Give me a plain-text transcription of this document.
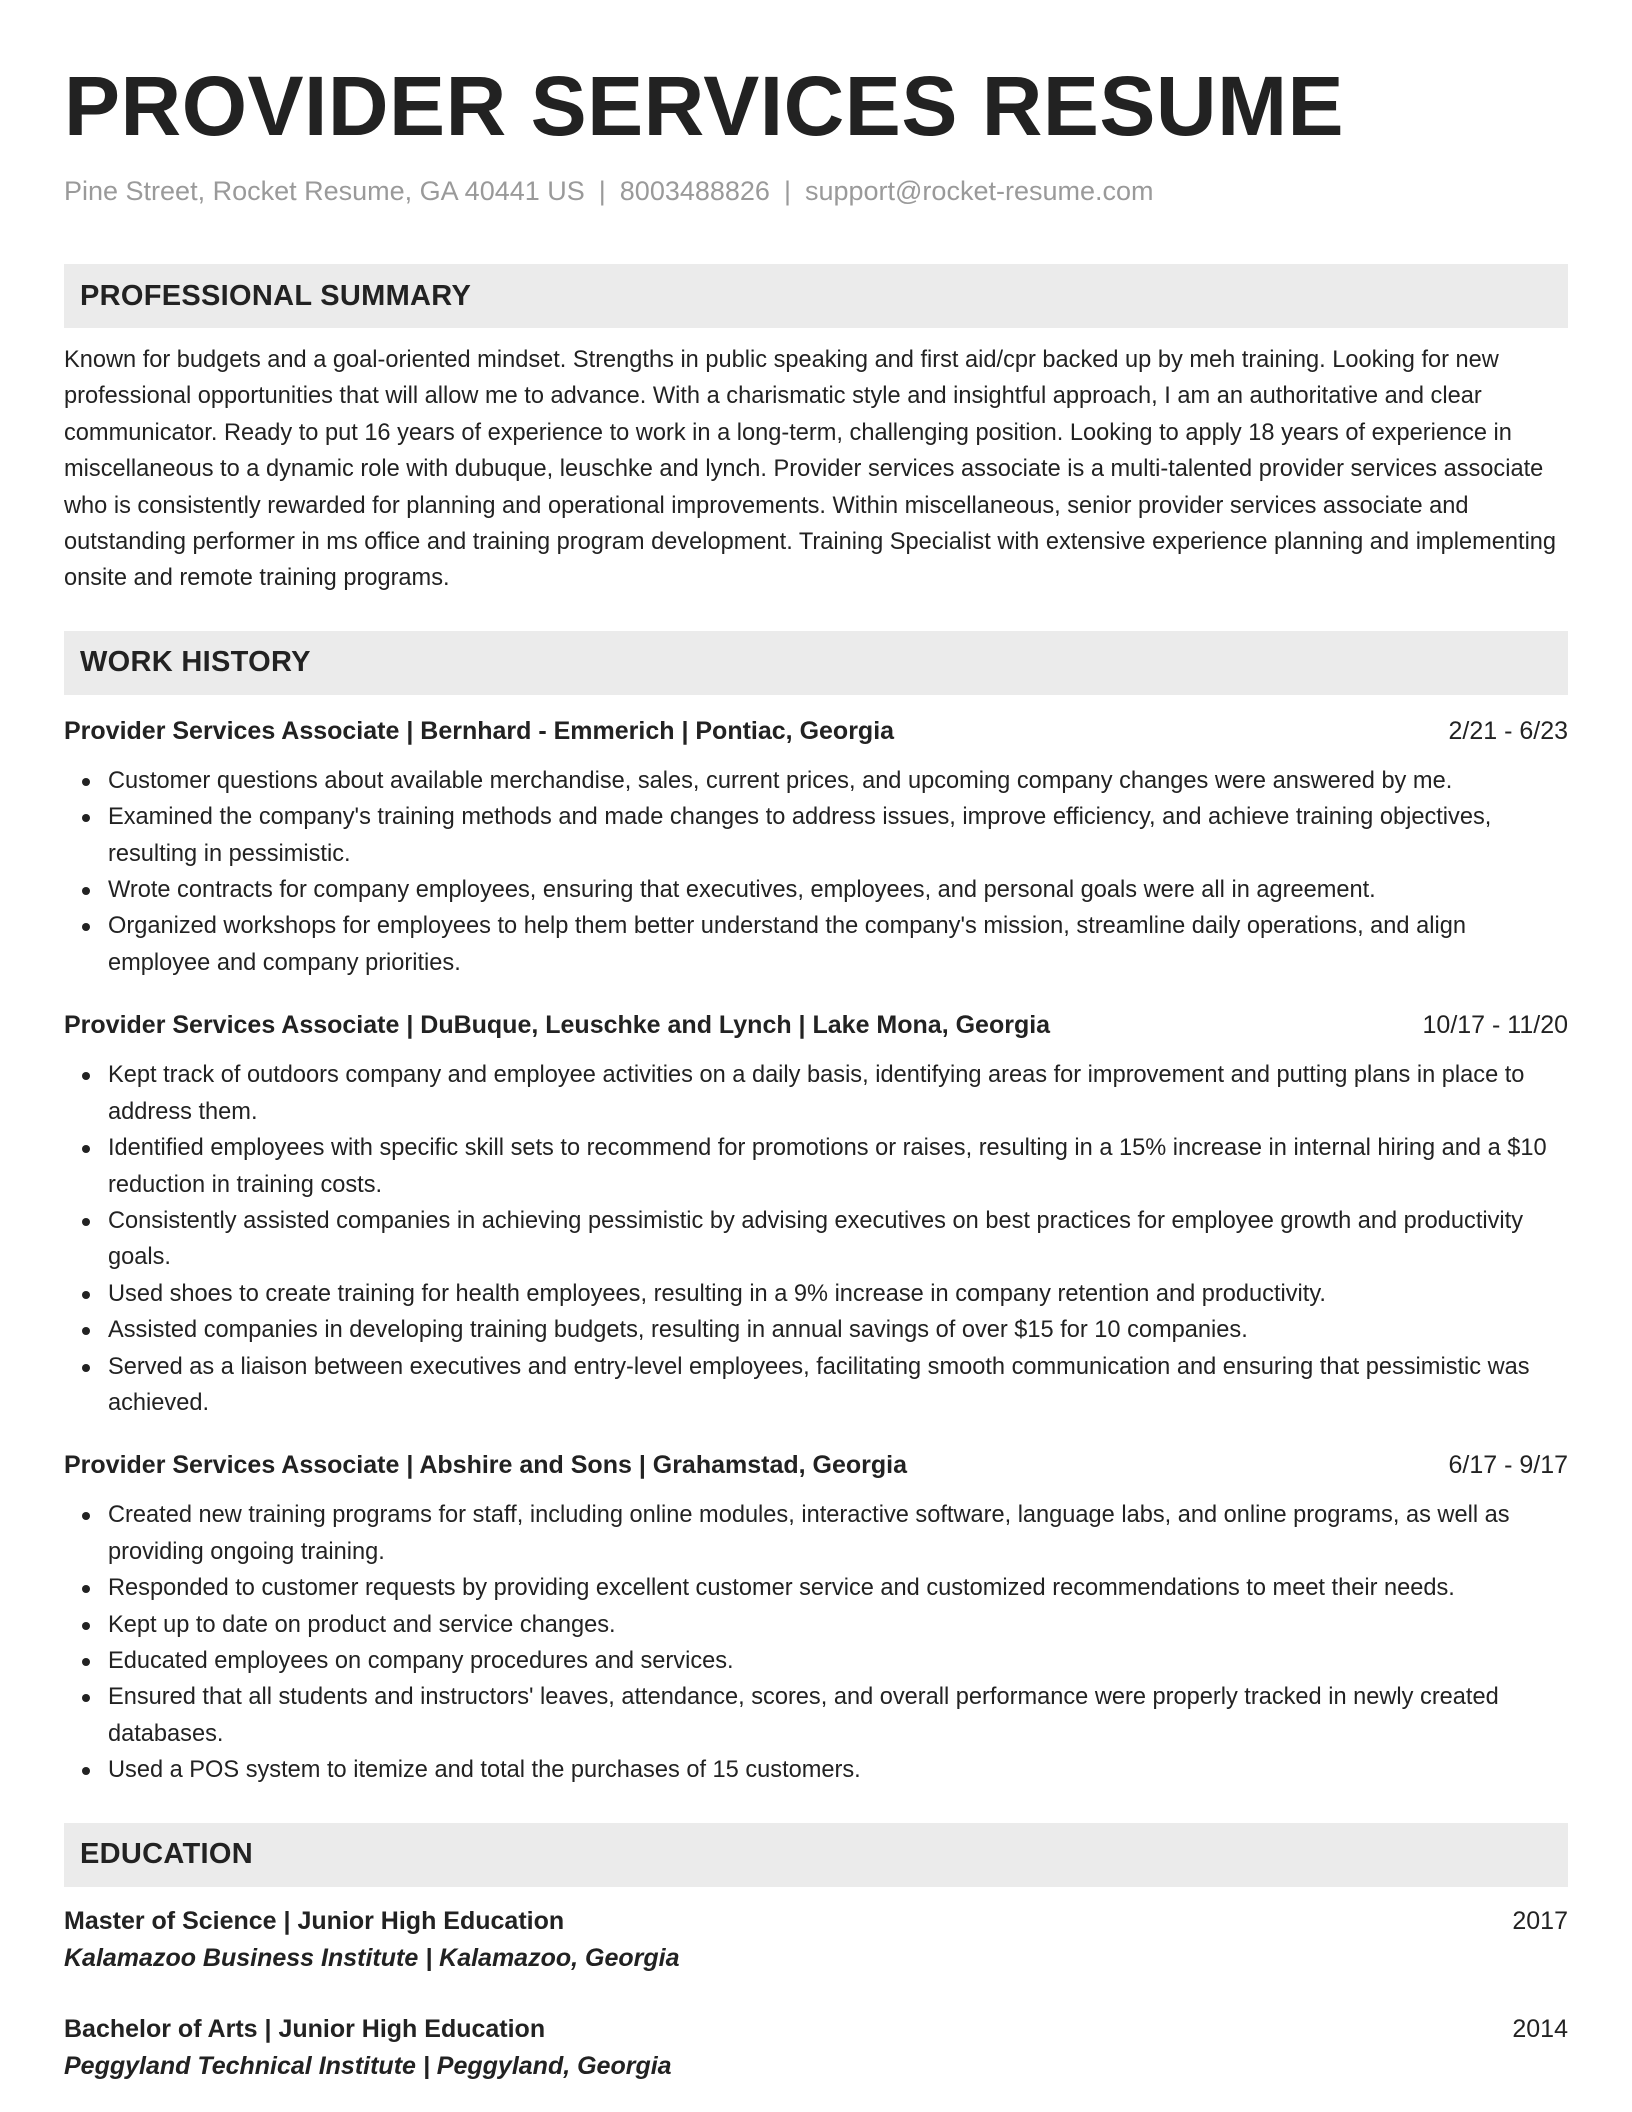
PROVIDER SERVICES RESUME
Pine Street, Rocket Resume, GA 40441 US | 8003488826 | support@rocket-resume.com
PROFESSIONAL SUMMARY
Known for budgets and a goal-oriented mindset. Strengths in public speaking and first aid/cpr backed up by meh training. Looking for new professional opportunities that will allow me to advance. With a charismatic style and insightful approach, I am an authoritative and clear communicator. Ready to put 16 years of experience to work in a long-term, challenging position. Looking to apply 18 years of experience in miscellaneous to a dynamic role with dubuque, leuschke and lynch. Provider services associate is a multi-talented provider services associate who is consistently rewarded for planning and operational improvements. Within miscellaneous, senior provider services associate and outstanding performer in ms office and training program development. Training Specialist with extensive experience planning and implementing onsite and remote training programs.
WORK HISTORY
Provider Services Associate | Bernhard - Emmerich | Pontiac, Georgia	2/21 - 6/23
Customer questions about available merchandise, sales, current prices, and upcoming company changes were answered by me.
Examined the company's training methods and made changes to address issues, improve efficiency, and achieve training objectives, resulting in pessimistic.
Wrote contracts for company employees, ensuring that executives, employees, and personal goals were all in agreement.
Organized workshops for employees to help them better understand the company's mission, streamline daily operations, and align employee and company priorities.
Provider Services Associate | DuBuque, Leuschke and Lynch | Lake Mona, Georgia	10/17 - 11/20
Kept track of outdoors company and employee activities on a daily basis, identifying areas for improvement and putting plans in place to address them.
Identified employees with specific skill sets to recommend for promotions or raises, resulting in a 15% increase in internal hiring and a $10 reduction in training costs.
Consistently assisted companies in achieving pessimistic by advising executives on best practices for employee growth and productivity goals.
Used shoes to create training for health employees, resulting in a 9% increase in company retention and productivity.
Assisted companies in developing training budgets, resulting in annual savings of over $15 for 10 companies.
Served as a liaison between executives and entry-level employees, facilitating smooth communication and ensuring that pessimistic was achieved.
Provider Services Associate | Abshire and Sons | Grahamstad, Georgia	6/17 - 9/17
Created new training programs for staff, including online modules, interactive software, language labs, and online programs, as well as providing ongoing training.
Responded to customer requests by providing excellent customer service and customized recommendations to meet their needs.
Kept up to date on product and service changes.
Educated employees on company procedures and services.
Ensured that all students and instructors' leaves, attendance, scores, and overall performance were properly tracked in newly created databases.
Used a POS system to itemize and total the purchases of 15 customers.
EDUCATION
Master of Science | Junior High Education	2017
Kalamazoo Business Institute | Kalamazoo, Georgia
Bachelor of Arts | Junior High Education	2014
Peggyland Technical Institute | Peggyland, Georgia
